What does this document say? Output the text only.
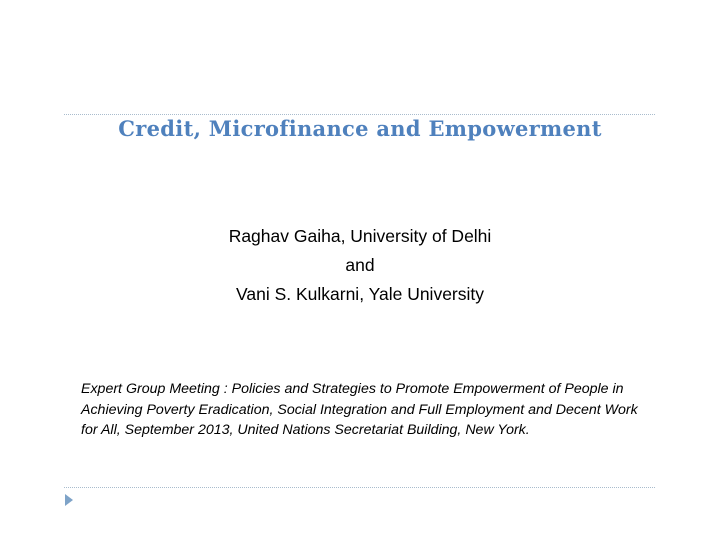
Credit, Microfinance and Empowerment
Raghav Gaiha, University of Delhi
and
Vani S. Kulkarni, Yale University
Expert Group Meeting : Policies and Strategies to Promote Empowerment of People in Achieving Poverty Eradication, Social Integration and Full Employment and Decent Work for All, September 2013, United Nations Secretariat Building, New York.
